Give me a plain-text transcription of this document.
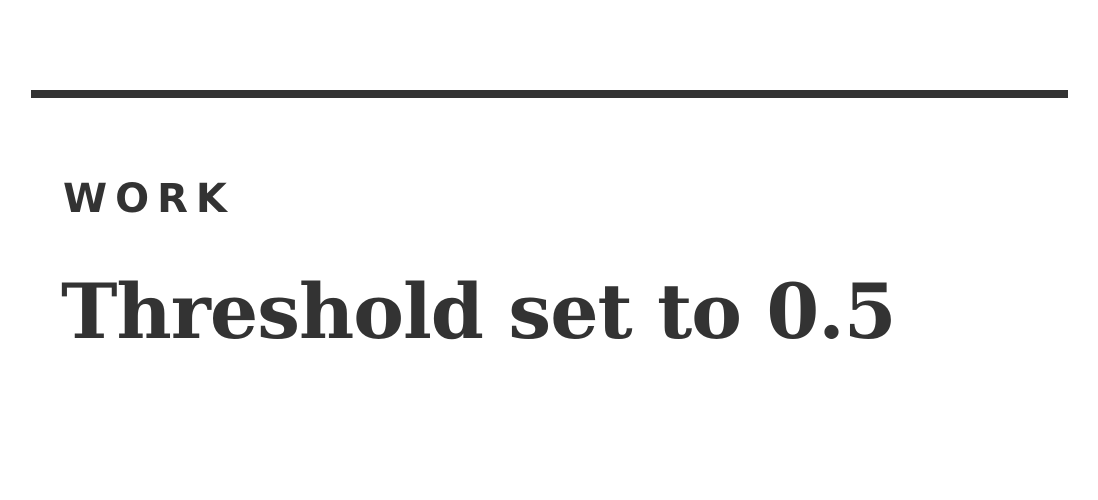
WORK
Threshold set to 0.5
